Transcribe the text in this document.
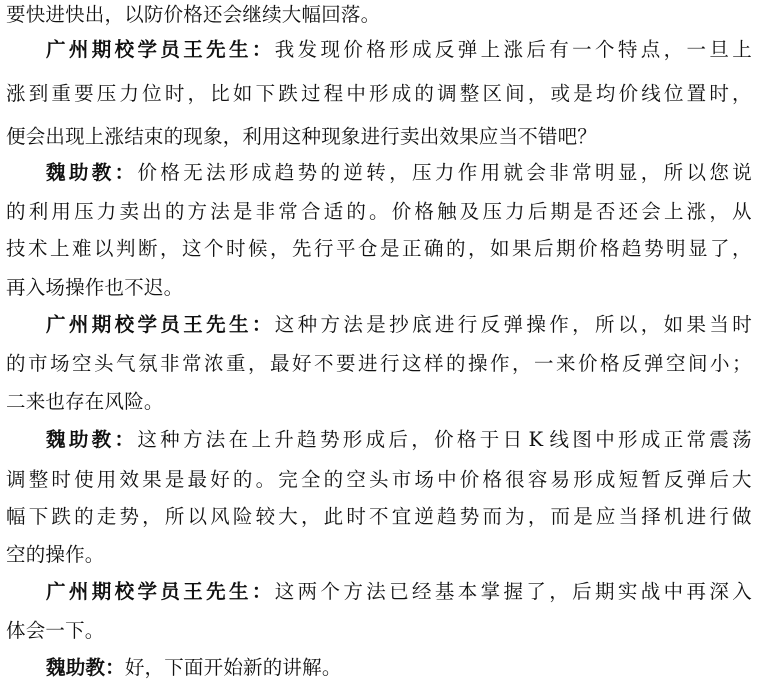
要快进快出，以防价格还会继续大幅回落。
广 州 期 校 学 员 王 先 生 ： 我 发 现 价 格 形 成 反 弹 上 涨 后 有 一 个 特 点 ， 一 旦 上
涨 到 重 要 压 力 位 时 ， 比 如 下 跌 过 程 中 形 成 的 调 整 区 间 ， 或 是 均 价 线 位 置 时 ，
便会出现上涨结束的现象，利用这种现象进行卖出效果应当不错吧？
魏 助 教 ： 价 格 无 法 形 成 趋 势 的 逆 转 ， 压 力 作 用 就 会 非 常 明 显 ， 所 以 您 说
的 利 用 压 力 卖 出 的 方 法 是 非 常 合 适 的 。 价 格 触 及 压 力 后 期 是 否 还 会 上 涨 ， 从
技 术 上 难 以 判 断 ， 这 个 时 候 ， 先 行 平 仓 是 正 确 的 ， 如 果 后 期 价 格 趋 势 明 显 了 ，
再入场操作也不迟。
广 州 期 校 学 员 王 先 生 ： 这 种 方 法 是 抄 底 进 行 反 弹 操 作 ， 所 以 ， 如 果 当 时
的 市 场 空 头 气 氛 非 常 浓 重 ， 最 好 不 要 进 行 这 样 的 操 作 ， 一 来 价 格 反 弹 空 间 小 ；
二来也存在风险。
魏 助 教 ： 这 种 方 法 在 上 升 趋 势 形 成 后 ， 价 格 于 日 K 线 图 中 形 成 正 常 震 荡
调 整 时 使 用 效 果 是 最 好 的 。 完 全 的 空 头 市 场 中 价 格 很 容 易 形 成 短 暂 反 弹 后 大
幅 下 跌 的 走 势 ， 所 以 风 险 较 大 ， 此 时 不 宜 逆 趋 势 而 为 ， 而 是 应 当 择 机 进 行 做
空的操作。
广 州 期 校 学 员 王 先 生 ： 这 两 个 方 法 已 经 基 本 掌 握 了 ， 后 期 实 战 中 再 深 入
体会一下。
魏助教：好，下面开始新的讲解。
